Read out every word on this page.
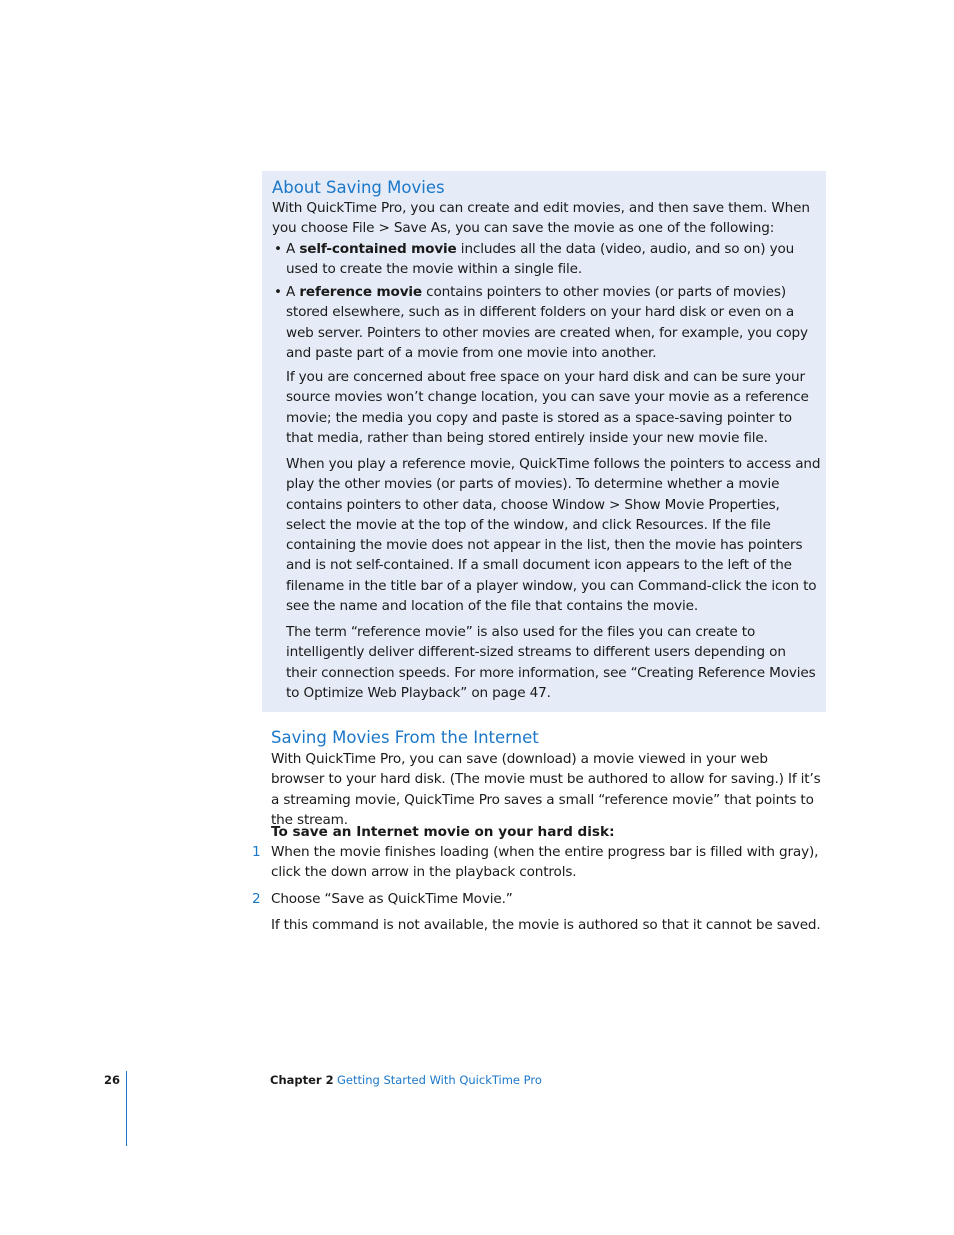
About Saving Movies

With QuickTime Pro, you can create and edit movies, and then save them. When you choose File > Save As, you can save the movie as one of the following:

• A self-contained movie includes all the data (video, audio, and so on) you used to create the movie within a single file.

• A reference movie contains pointers to other movies (or parts of movies) stored elsewhere, such as in different folders on your hard disk or even on a web server. Pointers to other movies are created when, for example, you copy and paste part of a movie from one movie into another.

If you are concerned about free space on your hard disk and can be sure your source movies won’t change location, you can save your movie as a reference movie; the media you copy and paste is stored as a space-saving pointer to that media, rather than being stored entirely inside your new movie file.

When you play a reference movie, QuickTime follows the pointers to access and play the other movies (or parts of movies). To determine whether a movie contains pointers to other data, choose Window > Show Movie Properties, select the movie at the top of the window, and click Resources. If the file containing the movie does not appear in the list, then the movie has pointers and is not self-contained. If a small document icon appears to the left of the filename in the title bar of a player window, you can Command-click the icon to see the name and location of the file that contains the movie.

The term “reference movie” is also used for the files you can create to intelligently deliver different-sized streams to different users depending on their connection speeds. For more information, see “Creating Reference Movies to Optimize Web Playback” on page 47.

Saving Movies From the Internet

With QuickTime Pro, you can save (download) a movie viewed in your web browser to your hard disk. (The movie must be authored to allow for saving.) If it’s a streaming movie, QuickTime Pro saves a small “reference movie” that points to the stream.

To save an Internet movie on your hard disk:

1 When the movie finishes loading (when the entire progress bar is filled with gray), click the down arrow in the playback controls.

2 Choose “Save as QuickTime Movie.”

If this command is not available, the movie is authored so that it cannot be saved.

26	Chapter 2 Getting Started With QuickTime Pro
